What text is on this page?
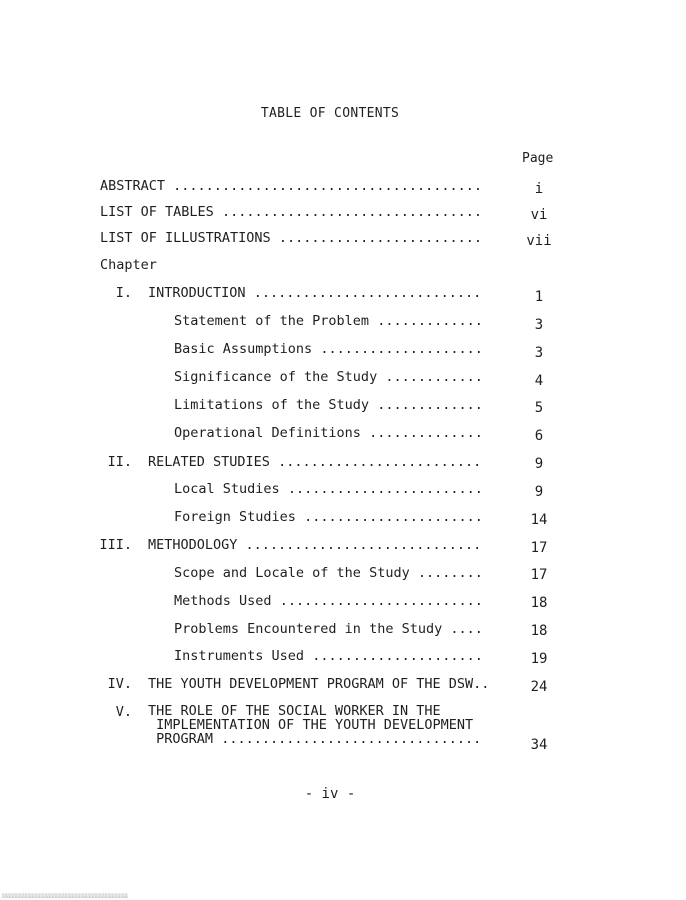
TABLE OF CONTENTS
Page
ABSTRACT ......................................	i
LIST OF TABLES ................................	vi
LIST OF ILLUSTRATIONS .........................	vii
Chapter
I. INTRODUCTION ............................	1
Statement of the Problem .............	3
Basic Assumptions ....................	3
Significance of the Study ............	4
Limitations of the Study .............	5
Operational Definitions ..............	6
II. RELATED STUDIES .........................	9
Local Studies ........................	9
Foreign Studies ......................	14
III. METHODOLOGY .............................	17
Scope and Locale of the Study ........	17
Methods Used .........................	18
Problems Encountered in the Study ....	18
Instruments Used .....................	19
IV. THE YOUTH DEVELOPMENT PROGRAM OF THE DSW..	24
V. THE ROLE OF THE SOCIAL WORKER IN THE
IMPLEMENTATION OF THE YOUTH DEVELOPMENT
PROGRAM ................................	34
- iv -
░░░░░░░░░░░░░░░░░░░░░░░░░░░░░░░░░░░░░░░░░
